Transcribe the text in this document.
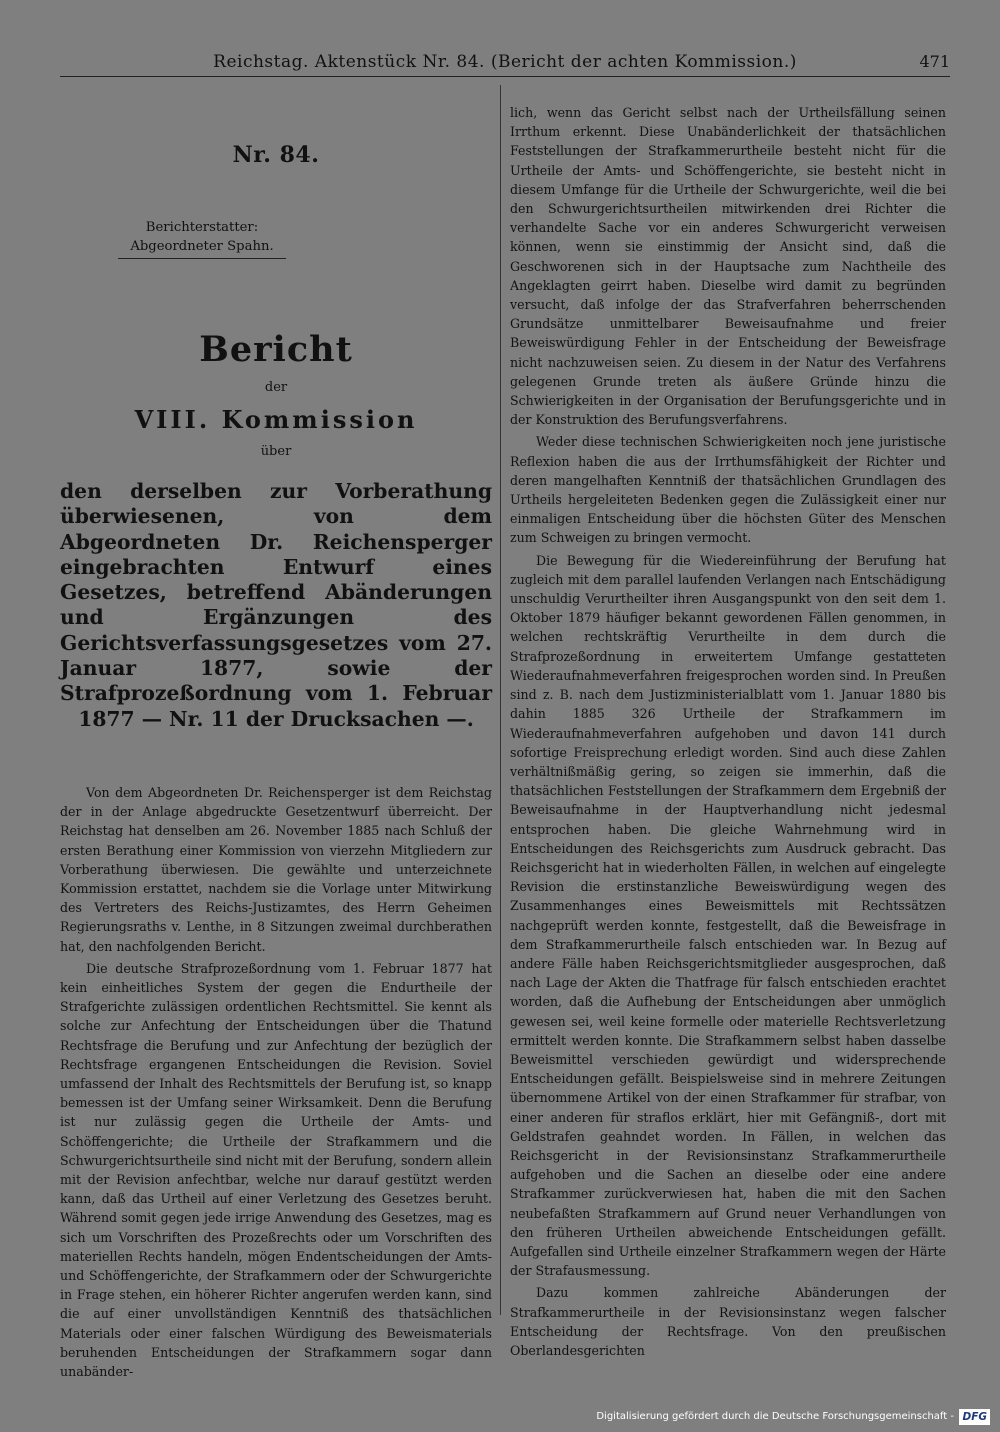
Reichstag. Aktenstück Nr. 84. (Bericht der achten Kommission.)	471
Nr. 84.
Berichterstatter:
Abgeordneter Spahn.
Bericht
der
VIII. Kommission
über
den derselben zur Vorberathung überwiesenen, von dem Abgeordneten Dr. Reichensperger eingebrachten Entwurf eines Gesetzes, betreffend Abänderungen und Ergänzungen des Gerichtsverfassungsgesetzes vom 27. Januar 1877, sowie der Strafprozeßordnung vom 1. Februar 1877 — Nr. 11 der Drucksachen —.

Von dem Abgeordneten Dr. Reichensperger ist dem Reichstag der in der Anlage abgedruckte Gesetzentwurf überreicht. Der Reichstag hat denselben am 26. November 1885 nach Schluß der ersten Berathung einer Kommission von vierzehn Mitgliedern zur Vorberathung überwiesen. Die gewählte und unterzeichnete Kommission erstattet, nachdem sie die Vorlage unter Mitwirkung des Vertreters des Reichs-Justizamtes, des Herrn Geheimen Regierungsraths v. Lenthe, in 8 Sitzungen zweimal durchberathen hat, den nachfolgenden Bericht.

Die deutsche Strafprozeßordnung vom 1. Februar 1877 hat kein einheitliches System der gegen die Endurtheile der Strafgerichte zulässigen ordentlichen Rechtsmittel. Sie kennt als solche zur Anfechtung der Entscheidungen über die Thatund Rechtsfrage die Berufung und zur Anfechtung der bezüglich der Rechtsfrage ergangenen Entscheidungen die Revision. Soviel umfassend der Inhalt des Rechtsmittels der Berufung ist, so knapp bemessen ist der Umfang seiner Wirksamkeit. Denn die Berufung ist nur zulässig gegen die Urtheile der Amts- und Schöffengerichte; die Urtheile der Strafkammern und die Schwurgerichtsurtheile sind nicht mit der Berufung, sondern allein mit der Revision anfechtbar, welche nur darauf gestützt werden kann, daß das Urtheil auf einer Verletzung des Gesetzes beruht. Während somit gegen jede irrige Anwendung des Gesetzes, mag es sich um Vorschriften des Prozeßrechts oder um Vorschriften des materiellen Rechts handeln, mögen Endentscheidungen der Amts- und Schöffengerichte, der Strafkammern oder der Schwurgerichte in Frage stehen, ein höherer Richter angerufen werden kann, sind die auf einer unvollständigen Kenntniß des thatsächlichen Materials oder einer falschen Würdigung des Beweismaterials beruhenden Entscheidungen der Strafkammern sogar dann unabänder-

lich, wenn das Gericht selbst nach der Urtheilsfällung seinen Irrthum erkennt. Diese Unabänderlichkeit der thatsächlichen Feststellungen der Strafkammerurtheile besteht nicht für die Urtheile der Amts- und Schöffengerichte, sie besteht nicht in diesem Umfange für die Urtheile der Schwurgerichte, weil die bei den Schwurgerichtsurtheilen mitwirkenden drei Richter die verhandelte Sache vor ein anderes Schwurgericht verweisen können, wenn sie einstimmig der Ansicht sind, daß die Geschworenen sich in der Hauptsache zum Nachtheile des Angeklagten geirrt haben. Dieselbe wird damit zu begründen versucht, daß infolge der das Strafverfahren beherrschenden Grundsätze unmittelbarer Beweisaufnahme und freier Beweiswürdigung Fehler in der Entscheidung der Beweisfrage nicht nachzuweisen seien. Zu diesem in der Natur des Verfahrens gelegenen Grunde treten als äußere Gründe hinzu die Schwierigkeiten in der Organisation der Berufungsgerichte und in der Konstruktion des Berufungsverfahrens.

Weder diese technischen Schwierigkeiten noch jene juristische Reflexion haben die aus der Irrthumsfähigkeit der Richter und deren mangelhaften Kenntniß der thatsächlichen Grundlagen des Urtheils hergeleiteten Bedenken gegen die Zulässigkeit einer nur einmaligen Entscheidung über die höchsten Güter des Menschen zum Schweigen zu bringen vermocht.

Die Bewegung für die Wiedereinführung der Berufung hat zugleich mit dem parallel laufenden Verlangen nach Entschädigung unschuldig Verurtheilter ihren Ausgangspunkt von den seit dem 1. Oktober 1879 häufiger bekannt gewordenen Fällen genommen, in welchen rechtskräftig Verurtheilte in dem durch die Strafprozeßordnung in erweitertem Umfange gestatteten Wiederaufnahmeverfahren freigesprochen worden sind. In Preußen sind z. B. nach dem Justizministerialblatt vom 1. Januar 1880 bis dahin 1885 326 Urtheile der Strafkammern im Wiederaufnahmeverfahren aufgehoben und davon 141 durch sofortige Freisprechung erledigt worden. Sind auch diese Zahlen verhältnißmäßig gering, so zeigen sie immerhin, daß die thatsächlichen Feststellungen der Strafkammern dem Ergebniß der Beweisaufnahme in der Hauptverhandlung nicht jedesmal entsprochen haben. Die gleiche Wahrnehmung wird in Entscheidungen des Reichsgerichts zum Ausdruck gebracht. Das Reichsgericht hat in wiederholten Fällen, in welchen auf eingelegte Revision die erstinstanzliche Beweiswürdigung wegen des Zusammenhanges eines Beweismittels mit Rechtssätzen nachgeprüft werden konnte, festgestellt, daß die Beweisfrage in dem Strafkammerurtheile falsch entschieden war. In Bezug auf andere Fälle haben Reichsgerichtsmitglieder ausgesprochen, daß nach Lage der Akten die Thatfrage für falsch entschieden erachtet worden, daß die Aufhebung der Entscheidungen aber unmöglich gewesen sei, weil keine formelle oder materielle Rechtsverletzung ermittelt werden konnte. Die Strafkammern selbst haben dasselbe Beweismittel verschieden gewürdigt und widersprechende Entscheidungen gefällt. Beispielsweise sind in mehrere Zeitungen übernommene Artikel von der einen Strafkammer für strafbar, von einer anderen für straflos erklärt, hier mit Gefängniß-, dort mit Geldstrafen geahndet worden. In Fällen, in welchen das Reichsgericht in der Revisionsinstanz Strafkammerurtheile aufgehoben und die Sachen an dieselbe oder eine andere Strafkammer zurückverwiesen hat, haben die mit den Sachen neubefaßten Strafkammern auf Grund neuer Verhandlungen von den früheren Urtheilen abweichende Entscheidungen gefällt. Aufgefallen sind Urtheile einzelner Strafkammern wegen der Härte der Strafausmessung.

Dazu kommen zahlreiche Abänderungen der Strafkammerurtheile in der Revisionsinstanz wegen falscher Entscheidung der Rechtsfrage. Von den preußischen Oberlandesgerichten

Digitalisierung gefördert durch die Deutsche Forschungsgemeinschaft - DFG
